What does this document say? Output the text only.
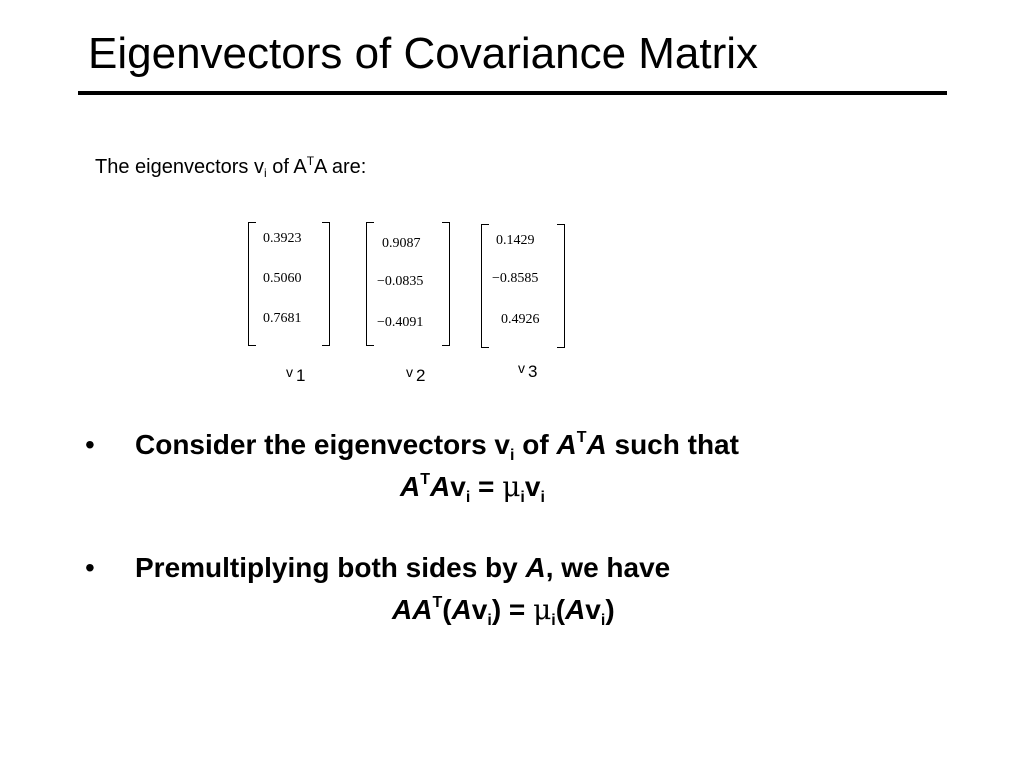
Eigenvectors of Covariance Matrix
The eigenvectors $v_i$ of $A^TA$ are:
0.3923
0.5060
0.7681
v 1
0.9087
−0.0835
−0.4091
v 2
0.1429
−0.8585
0.4926
v 3
• Consider the eigenvectors $v_i$ of $A^TA$ such that
$A^TAv_i = \mu_iv_i$
• Premultiplying both sides by A, we have
$AA^T(Av_i) = \mu_i(Av_i)$
